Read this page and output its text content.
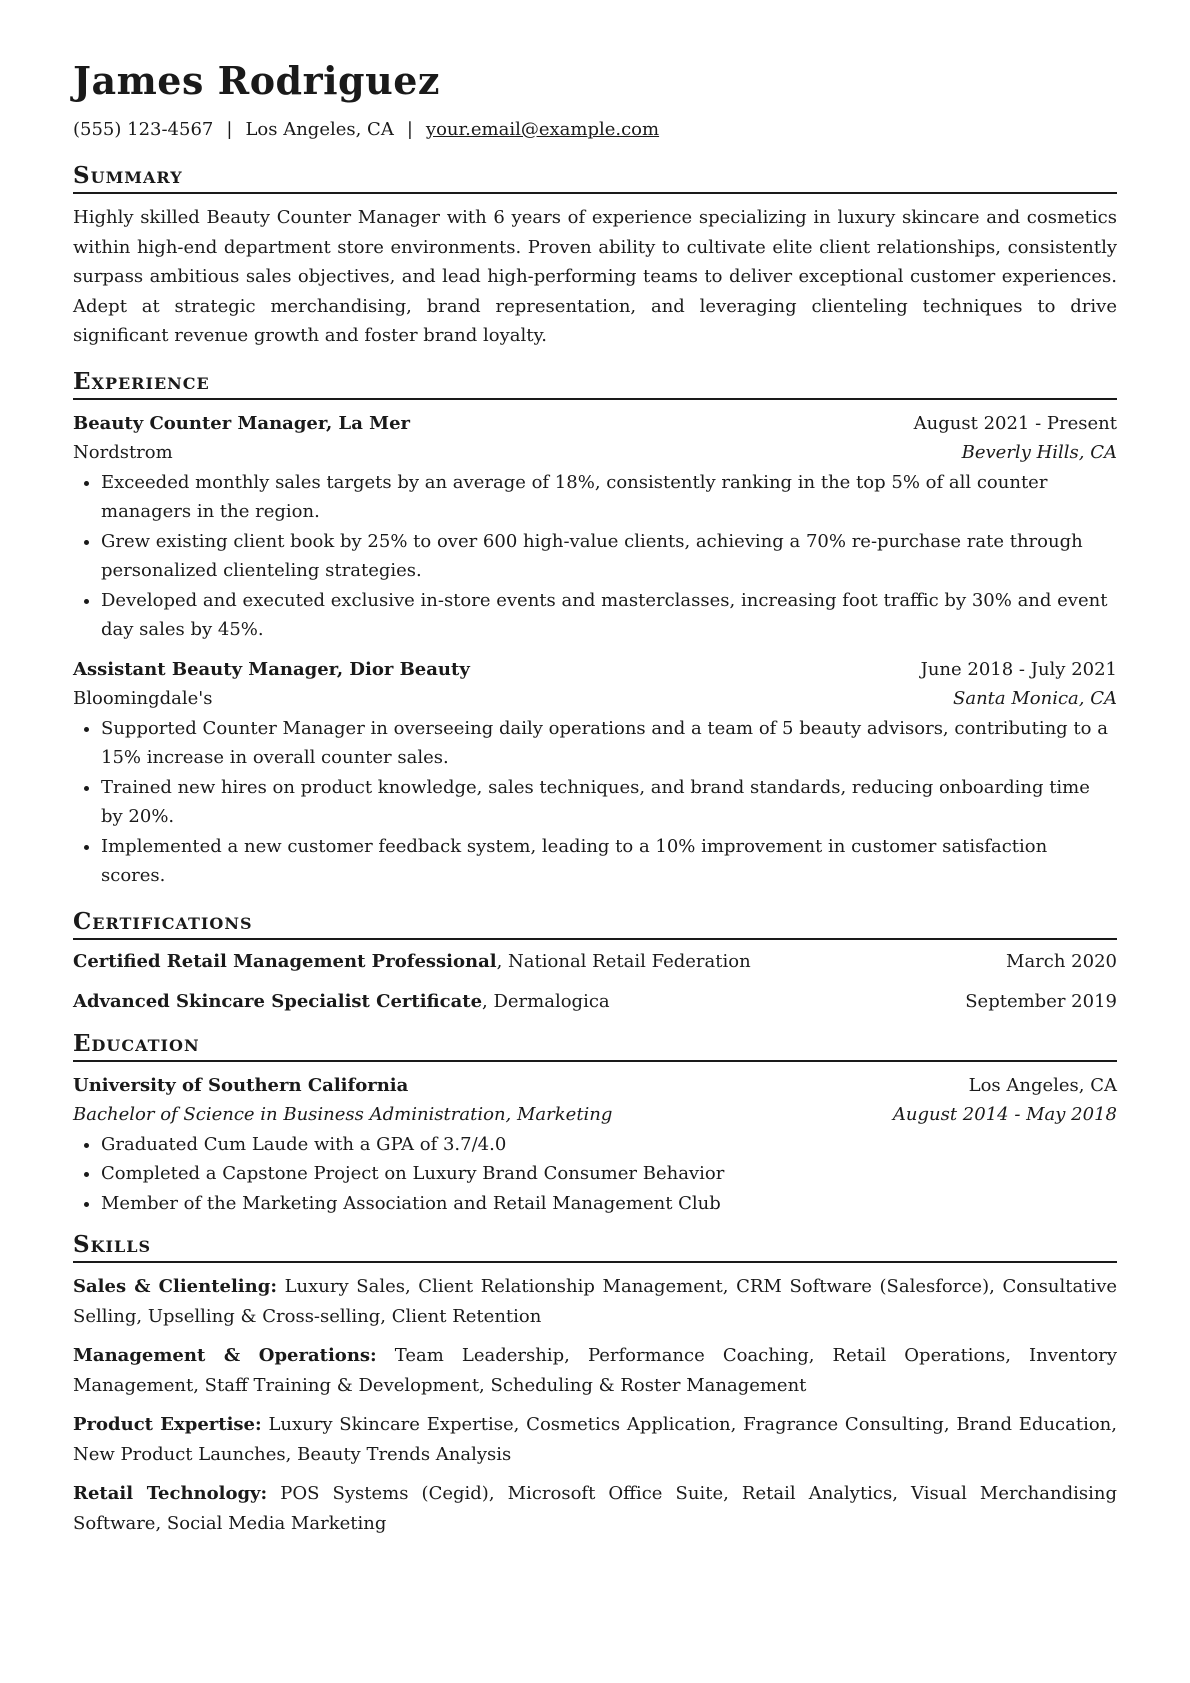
James Rodriguez
(555) 123-4567 | Los Angeles, CA | your.email@example.com
Summary

Highly skilled Beauty Counter Manager with 6 years of experience specializing in luxury skincare and cosmetics within high-end department store environments. Proven ability to cultivate elite client relationships, consistently surpass ambitious sales objectives, and lead high-performing teams to deliver exceptional customer experiences. Adept at strategic merchandising, brand representation, and leveraging clienteling techniques to drive significant revenue growth and foster brand loyalty.

Experience
Beauty Counter Manager, La Mer	August 2021 - Present
Nordstrom	Beverly Hills, CA
• Exceeded monthly sales targets by an average of 18%, consistently ranking in the top 5% of all counter managers in the region.
• Grew existing client book by 25% to over 600 high-value clients, achieving a 70% re-purchase rate through personalized clienteling strategies.
• Developed and executed exclusive in-store events and masterclasses, increasing foot traffic by 30% and event day sales by 45%.
Assistant Beauty Manager, Dior Beauty	June 2018 - July 2021
Bloomingdale's	Santa Monica, CA
• Supported Counter Manager in overseeing daily operations and a team of 5 beauty advisors, contributing to a 15% increase in overall counter sales.
• Trained new hires on product knowledge, sales techniques, and brand standards, reducing onboarding time by 20%.
• Implemented a new customer feedback system, leading to a 10% improvement in customer satisfaction scores.
Certifications
Certified Retail Management Professional, National Retail Federation	March 2020
Advanced Skincare Specialist Certificate, Dermalogica	September 2019
Education
University of Southern California	Los Angeles, CA
Bachelor of Science in Business Administration, Marketing	August 2014 - May 2018
• Graduated Cum Laude with a GPA of 3.7/4.0
• Completed a Capstone Project on Luxury Brand Consumer Behavior
• Member of the Marketing Association and Retail Management Club
Skills
Sales & Clienteling: Luxury Sales, Client Relationship Management, CRM Software (Salesforce), Consultative Selling, Upselling & Cross-selling, Client Retention
Management & Operations: Team Leadership, Performance Coaching, Retail Operations, Inventory Management, Staff Training & Development, Scheduling & Roster Management
Product Expertise: Luxury Skincare Expertise, Cosmetics Application, Fragrance Consulting, Brand Education, New Product Launches, Beauty Trends Analysis
Retail Technology: POS Systems (Cegid), Microsoft Office Suite, Retail Analytics, Visual Merchandising Software, Social Media Marketing
